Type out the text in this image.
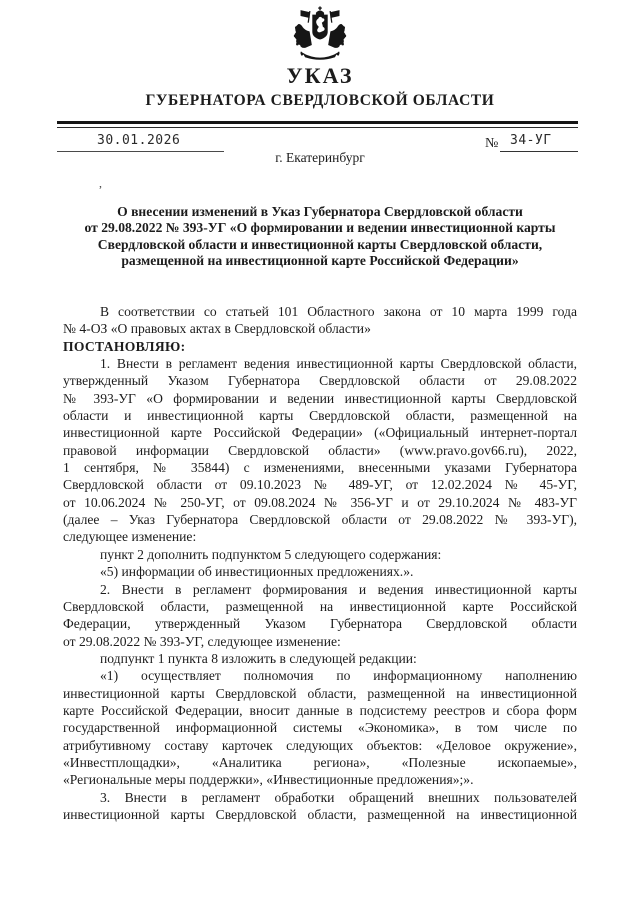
УКАЗ
ГУБЕРНАТОРА СВЕРДЛОВСКОЙ ОБЛАСТИ
30.01.2026	№ 34-УГ
г. Екатеринбург
,
О внесении изменений в Указ Губернатора Свердловской области
от 29.08.2022 № 393-УГ «О формировании и ведении инвестиционной карты
Свердловской области и инвестиционной карты Свердловской области,
размещенной на инвестиционной карте Российской Федерации»
В соответствии со статьей 101 Областного закона от 10 марта 1999 года
№ 4-ОЗ «О правовых актах в Свердловской области»
ПОСТАНОВЛЯЮ:
1. Внести в регламент ведения инвестиционной карты Свердловской области,
утвержденный Указом Губернатора Свердловской области от 29.08.2022
№ 393-УГ «О формировании и ведении инвестиционной карты Свердловской
области и инвестиционной карты Свердловской области, размещенной на
инвестиционной карте Российской Федерации» («Официальный интернет-портал
правовой информации Свердловской области» (www.pravo.gov66.ru), 2022,
1 сентября, № 35844) с изменениями, внесенными указами Губернатора
Свердловской области от 09.10.2023 № 489-УГ, от 12.02.2024 № 45-УГ,
от 10.06.2024 № 250-УГ, от 09.08.2024 № 356-УГ и от 29.10.2024 № 483-УГ
(далее – Указ Губернатора Свердловской области от 29.08.2022 № 393-УГ),
следующее изменение:
пункт 2 дополнить подпунктом 5 следующего содержания:
«5) информации об инвестиционных предложениях.».
2. Внести в регламент формирования и ведения инвестиционной карты
Свердловской области, размещенной на инвестиционной карте Российской
Федерации, утвержденный Указом Губернатора Свердловской области
от 29.08.2022 № 393-УГ, следующее изменение:
подпункт 1 пункта 8 изложить в следующей редакции:
«1) осуществляет полномочия по информационному наполнению
инвестиционной карты Свердловской области, размещенной на инвестиционной
карте Российской Федерации, вносит данные в подсистему реестров и сбора форм
государственной информационной системы «Экономика», в том числе по
атрибутивному составу карточек следующих объектов: «Деловое окружение»,
«Инвестплощадки», «Аналитика региона», «Полезные ископаемые»,
«Региональные меры поддержки», «Инвестиционные предложения»;».
3. Внести в регламент обработки обращений внешних пользователей
инвестиционной карты Свердловской области, размещенной на инвестиционной
